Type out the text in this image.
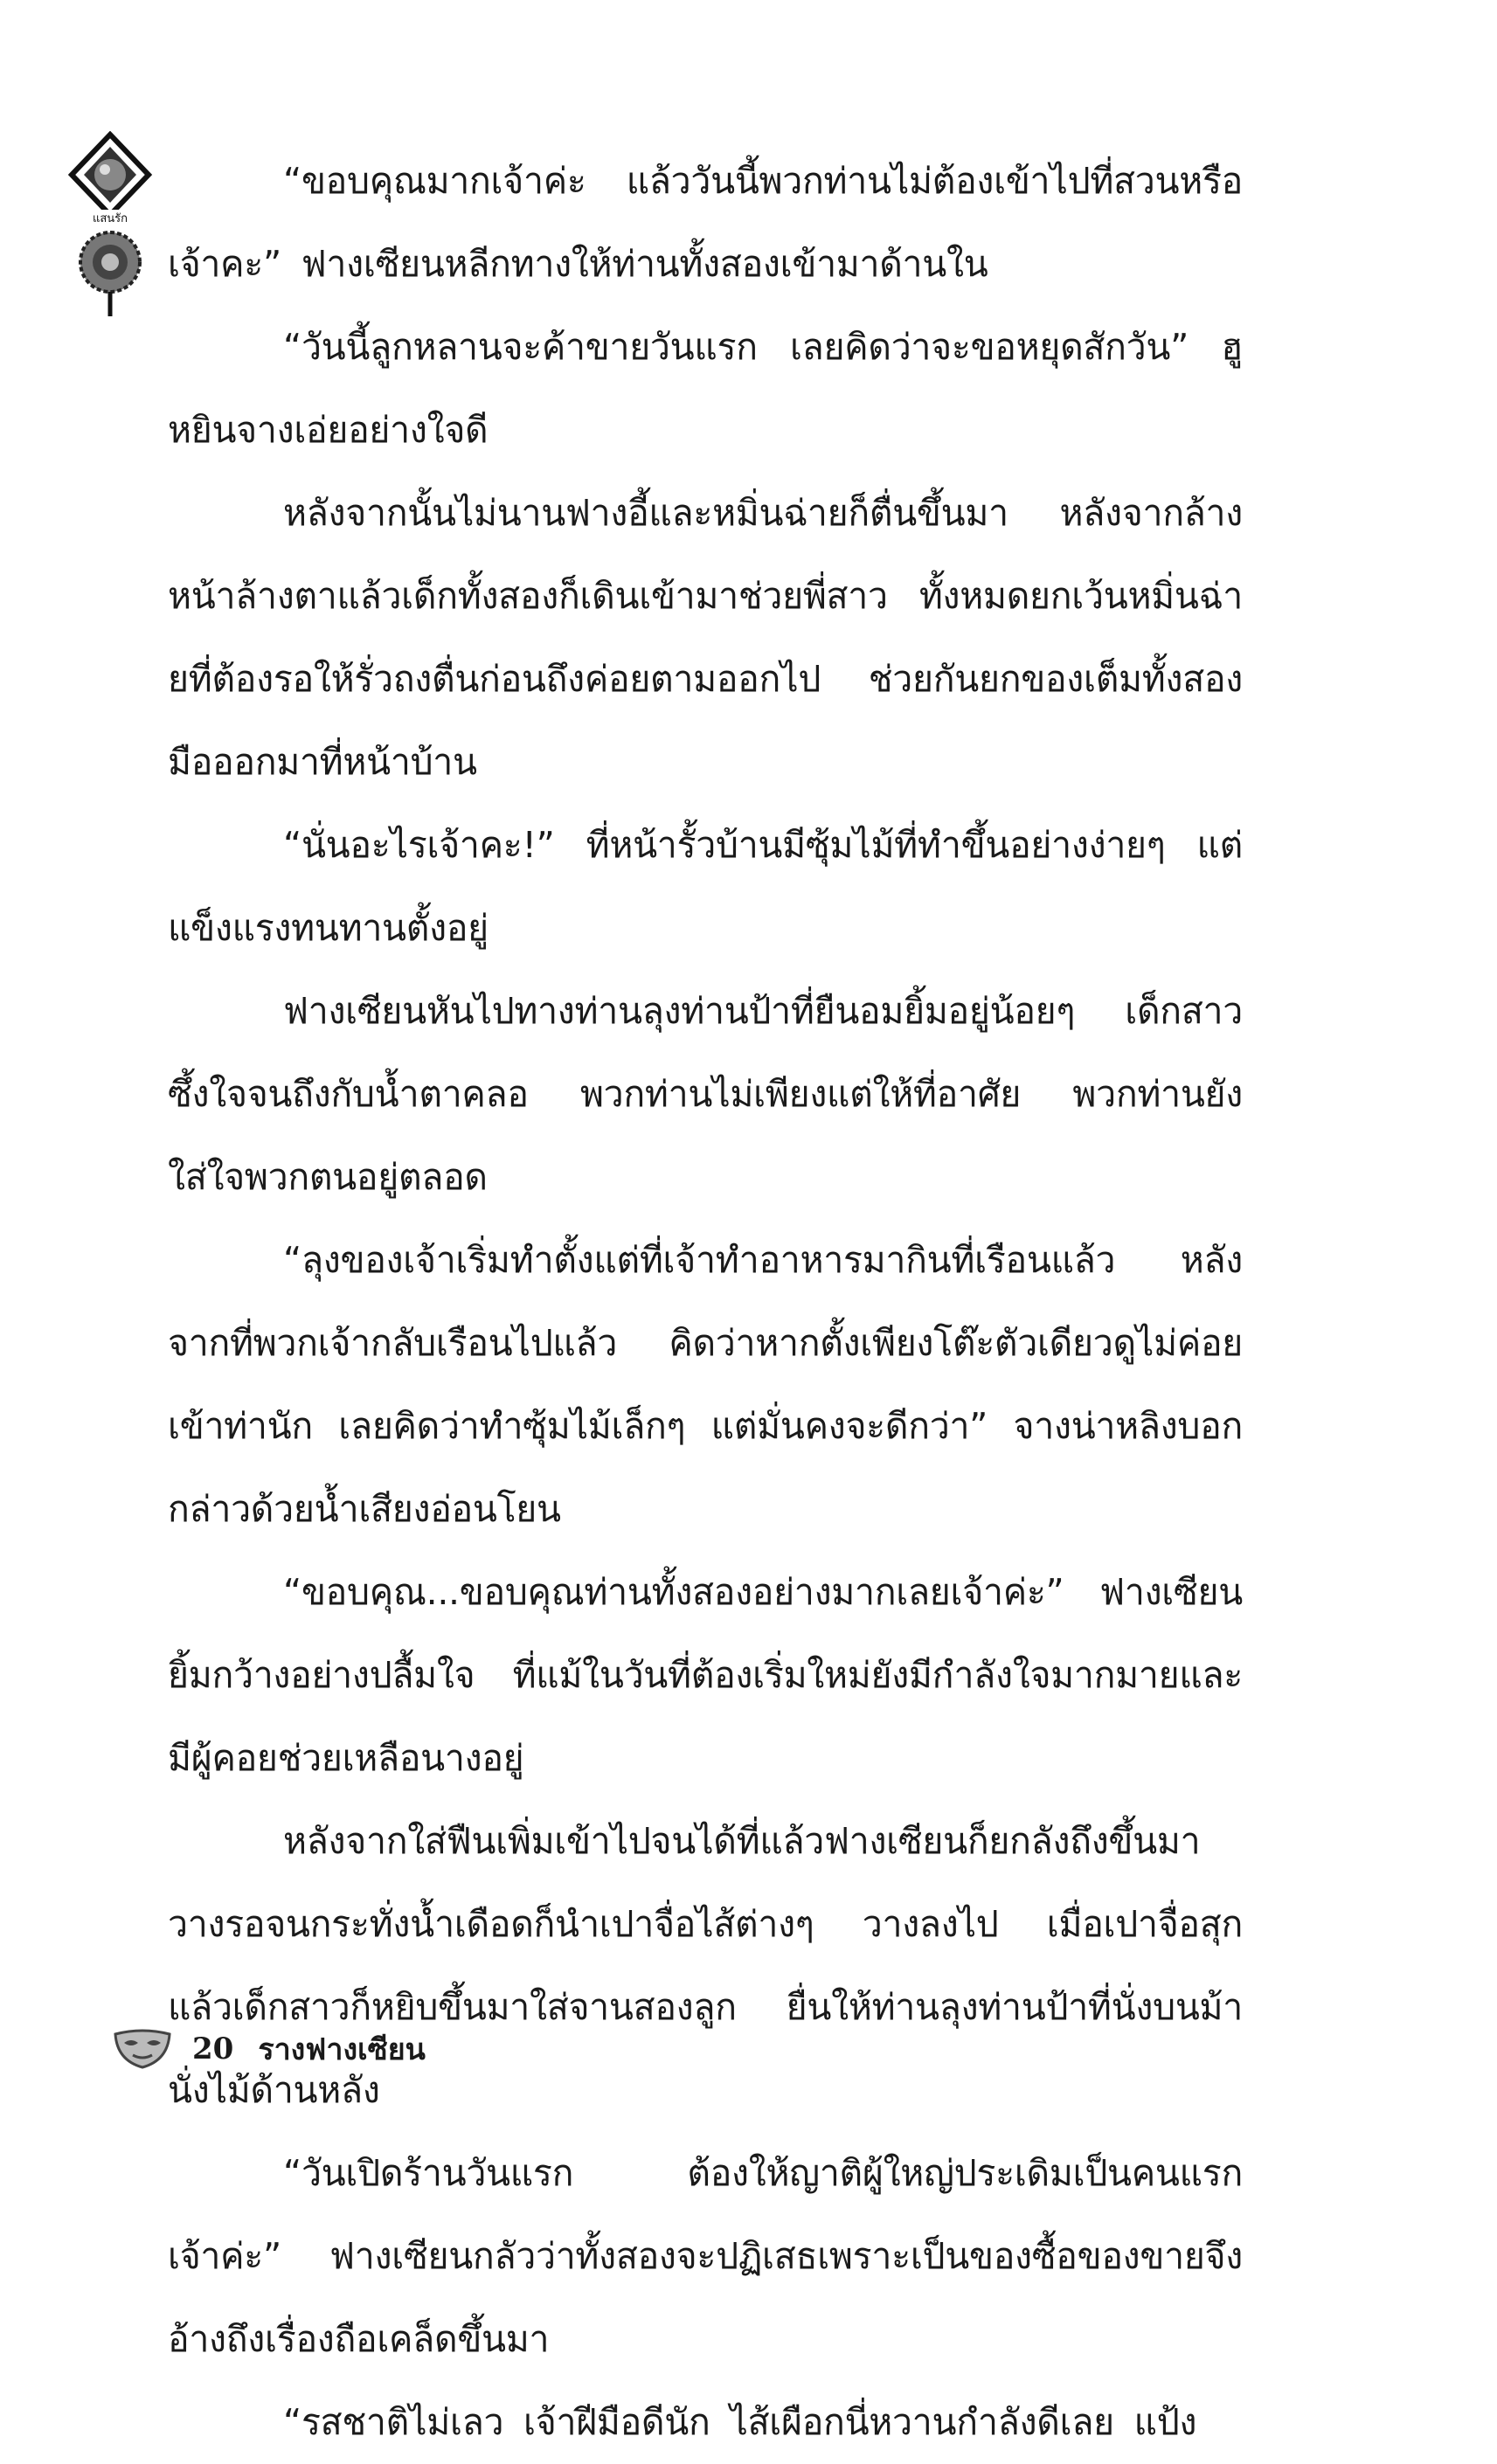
แสนรัก

“ขอบคุณมากเจ้าค่ะ แล้ววันนี้พวกท่านไม่ต้องเข้าไปที่สวนหรือเจ้าคะ” ฟางเซียนหลีกทางให้ท่านทั้งสองเข้ามาด้านใน

“วันนี้ลูกหลานจะค้าขายวันแรก เลยคิดว่าจะขอหยุดสักวัน” ฮูหยินจางเอ่ยอย่างใจดี

หลังจากนั้นไม่นานฟางอี้และหมิ่นฉ่ายก็ตื่นขึ้นมา หลังจากล้างหน้าล้างตาแล้วเด็กทั้งสองก็เดินเข้ามาช่วยพี่สาว ทั้งหมดยกเว้นหมิ่นฉ่ายที่ต้องรอให้รั่วถงตื่นก่อนถึงค่อยตามออกไป ช่วยกันยกของเต็มทั้งสองมือออกมาที่หน้าบ้าน

“นั่นอะไรเจ้าคะ!” ที่หน้ารั้วบ้านมีซุ้มไม้ที่ทำขึ้นอย่างง่ายๆ แต่แข็งแรงทนทานตั้งอยู่

ฟางเซียนหันไปทางท่านลุงท่านป้าที่ยืนอมยิ้มอยู่น้อยๆ เด็กสาวซึ้งใจจนถึงกับน้ำตาคลอ พวกท่านไม่เพียงแต่ให้ที่อาศัย พวกท่านยังใส่ใจพวกตนอยู่ตลอด

“ลุงของเจ้าเริ่มทำตั้งแต่ที่เจ้าทำอาหารมากินที่เรือนแล้ว หลังจากที่พวกเจ้ากลับเรือนไปแล้ว คิดว่าหากตั้งเพียงโต๊ะตัวเดียวดูไม่ค่อยเข้าท่านัก เลยคิดว่าทำซุ้มไม้เล็กๆ แต่มั่นคงจะดีกว่า” จางน่าหลิงบอกกล่าวด้วยน้ำเสียงอ่อนโยน

“ขอบคุณ...ขอบคุณท่านทั้งสองอย่างมากเลยเจ้าค่ะ” ฟางเซียนยิ้มกว้างอย่างปลื้มใจ ที่แม้ในวันที่ต้องเริ่มใหม่ยังมีกำลังใจมากมายและมีผู้คอยช่วยเหลือนางอยู่

หลังจากใส่ฟืนเพิ่มเข้าไปจนได้ที่แล้วฟางเซียนก็ยกลังถึงขึ้นมาวางรอจนกระทั่งน้ำเดือดก็นำเปาจื่อไส้ต่างๆ วางลงไป เมื่อเปาจื่อสุกแล้วเด็กสาวก็หยิบขึ้นมาใส่จานสองลูก ยื่นให้ท่านลุงท่านป้าที่นั่งบนม้านั่งไม้ด้านหลัง

“วันเปิดร้านวันแรก ต้องให้ญาติผู้ใหญ่ประเดิมเป็นคนแรกเจ้าค่ะ” ฟางเซียนกลัวว่าทั้งสองจะปฏิเสธเพราะเป็นของซื้อของขายจึงอ้างถึงเรื่องถือเคล็ดขึ้นมา

“รสชาติไม่เลว เจ้าฝีมือดีนัก ไส้เผือกนี่หวานกำลังดีเลย แป้ง

20 รางฟางเซียน
